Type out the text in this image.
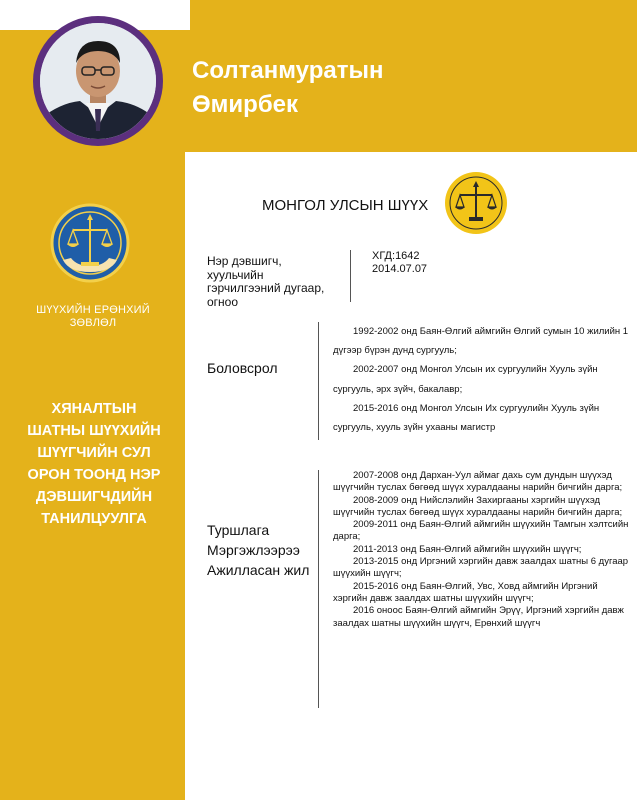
Солтанмуратын
Өмирбек
ШҮҮХИЙН ЕРӨНХИЙ
ЗӨВЛӨЛ
ХЯНАЛТЫН
ШАТНЫ ШҮҮХИЙН
ШҮҮГЧИЙН СУЛ
ОРОН ТООНД НЭР
ДЭВШИГЧДИЙН
ТАНИЛЦУУЛГА
МОНГОЛ УЛСЫН ШҮҮХ
Нэр дэвшигч,
хуульчийн
гэрчилгээний дугаар,
огноо
ХГД:1642
2014.07.07
Боловсрол
1992-2002 онд Баян-Өлгий аймгийн Өлгий сумын 10 жилийн 1 дүгээр бүрэн дунд сургууль;
2002-2007 онд Монгол Улсын их сургуулийн Хууль зүйн сургууль, эрх зүйч, бакалавр;
2015-2016 онд Монгол Улсын Их сургуулийн Хууль зүйн сургууль, хууль зүйн ухааны магистр
Туршлага
Мэргэжлээрээ
Ажилласан жил
2007-2008 онд Дархан-Уул аймаг дахь сум дундын шүүхэд шүүгчийн туслах бөгөөд шүүх хуралдааны нарийн бичгийн дарга;
2008-2009 онд Нийслэлийн Захиргааны хэргийн шүүхэд шүүгчийн туслах бөгөөд шүүх хуралдааны нарийн бичгийн дарга;
2009-2011 онд Баян-Өлгий аймгийн шүүхийн Тамгын хэлтсийн дарга;
2011-2013 онд Баян-Өлгий аймгийн шүүхийн шүүгч;
2013-2015 онд Иргэний хэргийн давж заалдах шатны 6 дугаар шүүхийн шүүгч;
2015-2016 онд Баян-Өлгий, Увс, Ховд аймгийн Иргэний хэргийн давж заалдах шатны шүүхийн шүүгч;
2016 оноос Баян-Өлгий аймгийн Эрүү, Иргэний хэргийн давж заалдах шатны шүүхийн шүүгч, Ерөнхий шүүгч
